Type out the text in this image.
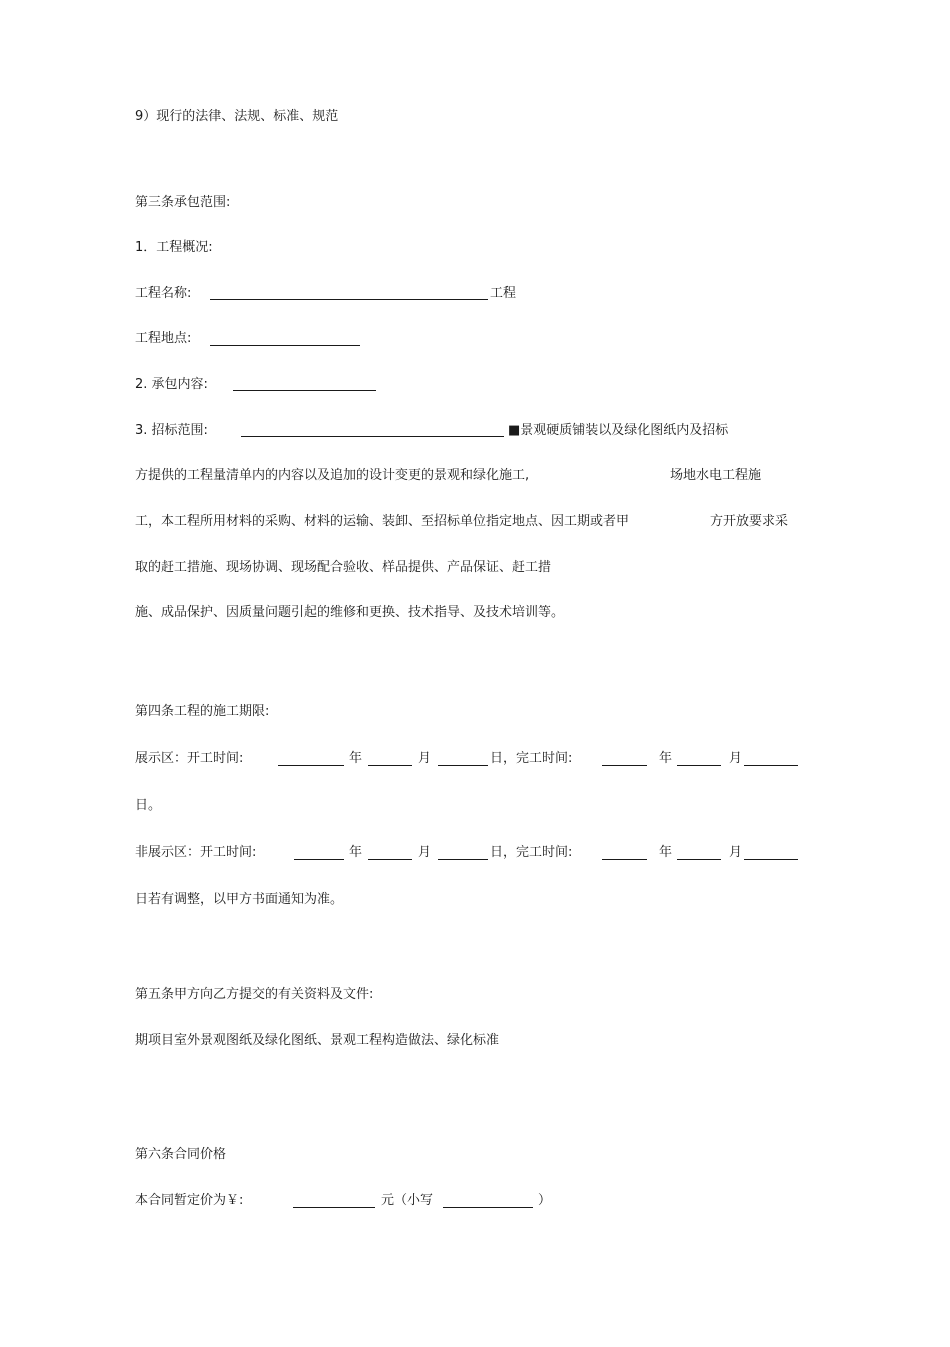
9）现行的法律、法规、标准、规范
第三条承包范围:
1．工程概况:
工程名称:	工程
工程地点:
2. 承包内容:
3. 招标范围:	■景观硬质铺装以及绿化图纸内及招标
方提供的工程量清单内的内容以及追加的设计变更的景观和绿化施工,	场地水电工程施
工，本工程所用材料的采购、材料的运输、装卸、至招标单位指定地点、因工期或者甲	方开放要求采
取的赶工措施、现场协调、现场配合验收、样品提供、产品保证、赶工措
施、成品保护、因质量问题引起的维修和更换、技术指导、及技术培训等。
第四条工程的施工期限:
展示区：开工时间:	年	月	日，完工时间:	年	月
日。
非展示区：开工时间:	年	月	日，完工时间:	年	月
日若有调整，以甲方书面通知为准。
第五条甲方向乙方提交的有关资料及文件:
期项目室外景观图纸及绿化图纸、景观工程构造做法、绿化标准
第六条合同价格
本合同暂定价为￥:	元（小写	）
